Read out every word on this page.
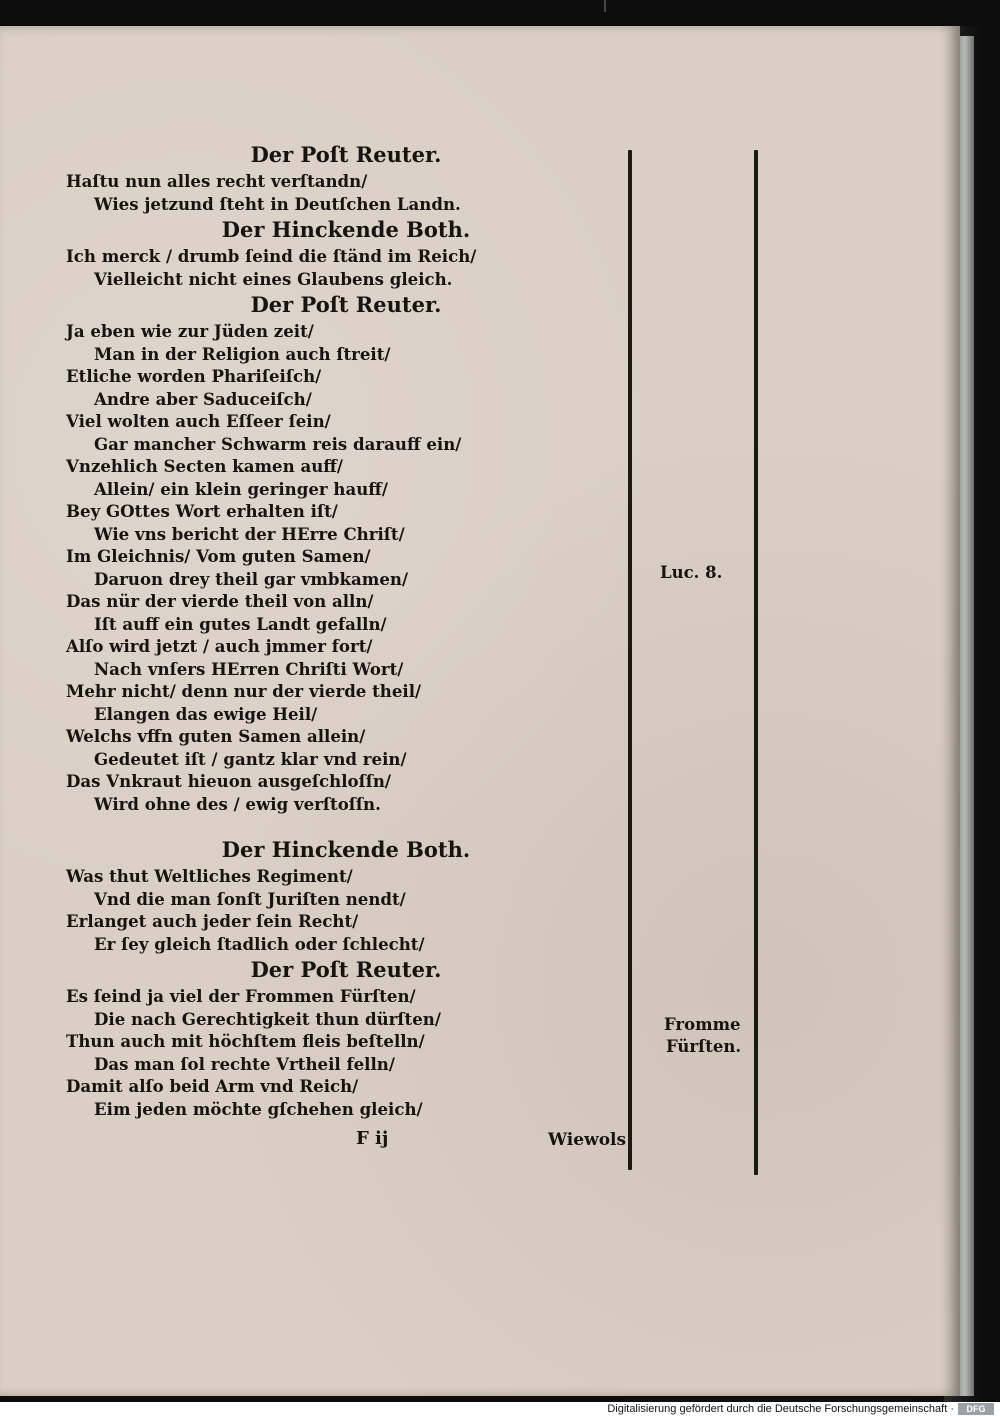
Der Poſt Reuter.
Haſtu nun alles recht verſtandn/
Wies jetzund ſteht in Deutſchen Landn.
Der Hinckende Both.
Ich merck / drumb ſeind die ſtänd im Reich/
Vielleicht nicht eines Glaubens gleich.
Der Poſt Reuter.
Ja eben wie zur Jüden zeit/
Man in der Religion auch ſtreit/
Etliche worden Phariſeiſch/
Andre aber Saduceiſch/
Viel wolten auch Eſſeer ſein/
Gar mancher Schwarm reis darauff ein/
Vnzehlich Secten kamen auff/
Allein/ ein klein geringer hauff/
Bey GOttes Wort erhalten iſt/
Wie vns bericht der HErre Chriſt/
Im Gleichnis/ Vom guten Samen/
Daruon drey theil gar vmbkamen/
Das nür der vierde theil von alln/
Iſt auff ein gutes Landt gefalln/
Alſo wird jetzt / auch jmmer fort/
Nach vnſers HErren Chriſti Wort/
Mehr nicht/ denn nur der vierde theil/
Elangen das ewige Heil/
Welchs vffn guten Samen allein/
Gedeutet iſt / gantz klar vnd rein/
Das Vnkraut hieuon ausgeſchloſſn/
Wird ohne des / ewig verſtoſſn.
Der Hinckende Both.
Was thut Weltliches Regiment/
Vnd die man ſonſt Juriſten nendt/
Erlanget auch jeder ſein Recht/
Er ſey gleich ſtadlich oder ſchlecht/
Der Poſt Reuter.
Es ſeind ja viel der Frommen Fürſten/
Die nach Gerechtigkeit thun dürſten/
Thun auch mit höchſtem fleis beſtelln/
Das man ſol rechte Vrtheil felln/
Damit alſo beid Arm vnd Reich/
Eim jeden möchte gſchehen gleich/
Luc. 8.
Fromme
Fürſten.
F ij	Wiewols
Digitalisierung gefördert durch die Deutsche Forschungsgemeinschaft ·	DFG
